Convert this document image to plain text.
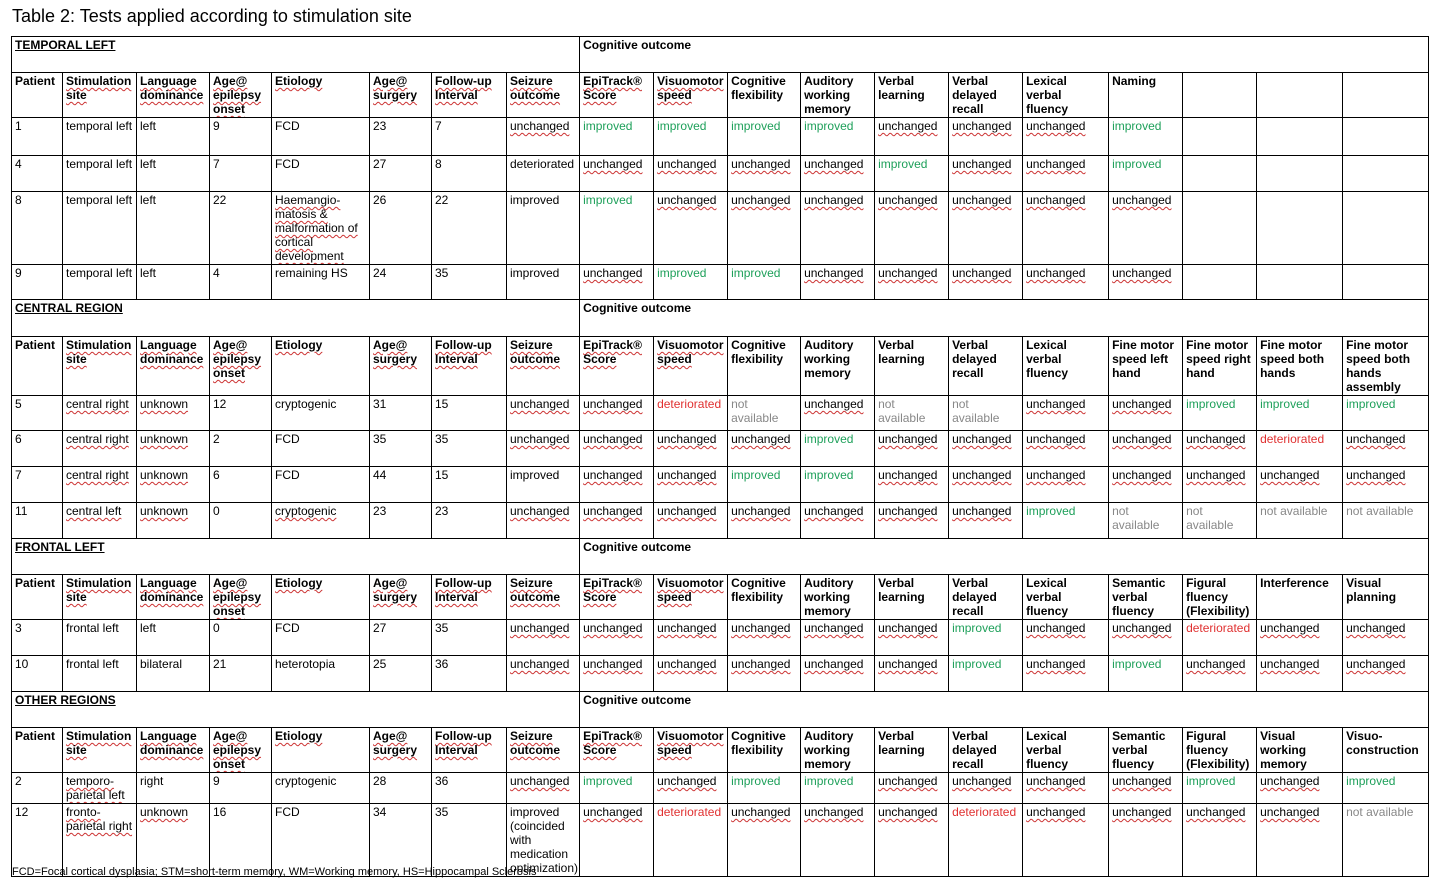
Table 2: Tests applied according to stimulation site
TEMPORAL LEFT								Cognitive outcome										
Patient	Stimulation site	Language dominance	Age@ epilepsy onset	Etiology	Age@ surgery	Follow-up Interval	Seizure outcome	EpiTrack® Score	Visuomotor speed	Cognitive flexibility	Auditory working memory	Verbal learning	Verbal delayed recall	Lexical verbal fluency	Naming			
1	temporal left	left	9	FCD	23	7	unchanged	improved	improved	improved	improved	unchanged	unchanged	unchanged	improved			
4	temporal left	left	7	FCD	27	8	deteriorated	unchanged	unchanged	unchanged	unchanged	improved	unchanged	unchanged	improved			
8	temporal left	left	22	Haemangio-matosis & malformation of cortical development	26	22	improved	improved	unchanged	unchanged	unchanged	unchanged	unchanged	unchanged	unchanged			
9	temporal left	left	4	remaining HS	24	35	improved	unchanged	improved	improved	unchanged	unchanged	unchanged	unchanged	unchanged			
CENTRAL REGION								Cognitive outcome										
Patient	Stimulation site	Language dominance	Age@ epilepsy onset	Etiology	Age@ surgery	Follow-up Interval	Seizure outcome	EpiTrack® Score	Visuomotor speed	Cognitive flexibility	Auditory working memory	Verbal learning	Verbal delayed recall	Lexical verbal fluency	Fine motor speed left hand	Fine motor speed right hand	Fine motor speed both hands	Fine motor speed both hands assembly
5	central right	unknown	12	cryptogenic	31	15	unchanged	unchanged	deteriorated	not available	unchanged	not available	not available	unchanged	unchanged	improved	improved	improved
6	central right	unknown	2	FCD	35	35	unchanged	unchanged	unchanged	unchanged	improved	unchanged	unchanged	unchanged	unchanged	unchanged	deteriorated	unchanged
7	central right	unknown	6	FCD	44	15	improved	unchanged	unchanged	improved	improved	unchanged	unchanged	unchanged	unchanged	unchanged	unchanged	unchanged
11	central left	unknown	0	cryptogenic	23	23	unchanged	unchanged	unchanged	unchanged	unchanged	unchanged	unchanged	improved	not available	not available	not available	not available
FRONTAL LEFT								Cognitive outcome										
Patient	Stimulation site	Language dominance	Age@ epilepsy onset	Etiology	Age@ surgery	Follow-up Interval	Seizure outcome	EpiTrack® Score	Visuomotor speed	Cognitive flexibility	Auditory working memory	Verbal learning	Verbal delayed recall	Lexical verbal fluency	Semantic verbal fluency	Figural fluency (Flexibility)	Interference	Visual planning
3	frontal left	left	0	FCD	27	35	unchanged	unchanged	unchanged	unchanged	unchanged	unchanged	improved	unchanged	unchanged	deteriorated	unchanged	unchanged
10	frontal left	bilateral	21	heterotopia	25	36	unchanged	unchanged	unchanged	unchanged	unchanged	unchanged	improved	unchanged	improved	unchanged	unchanged	unchanged
OTHER REGIONS								Cognitive outcome										
Patient	Stimulation site	Language dominance	Age@ epilepsy onset	Etiology	Age@ surgery	Follow-up Interval	Seizure outcome	EpiTrack® Score	Visuomotor speed	Cognitive flexibility	Auditory working memory	Verbal learning	Verbal delayed recall	Lexical verbal fluency	Semantic verbal fluency	Figural fluency (Flexibility)	Visual working memory	Visuo-construction
2	temporo-parietal left	right	9	cryptogenic	28	36	unchanged	improved	unchanged	improved	improved	unchanged	unchanged	unchanged	unchanged	improved	unchanged	improved
12	fronto-parietal right	unknown	16	FCD	34	35	improved (coincided with medication optimization)	unchanged	deteriorated	unchanged	unchanged	unchanged	deteriorated	unchanged	unchanged	unchanged	unchanged	not available
FCD=Focal cortical dysplasia; STM=short-term memory, WM=Working memory, HS=Hippocampal Sclerosis
